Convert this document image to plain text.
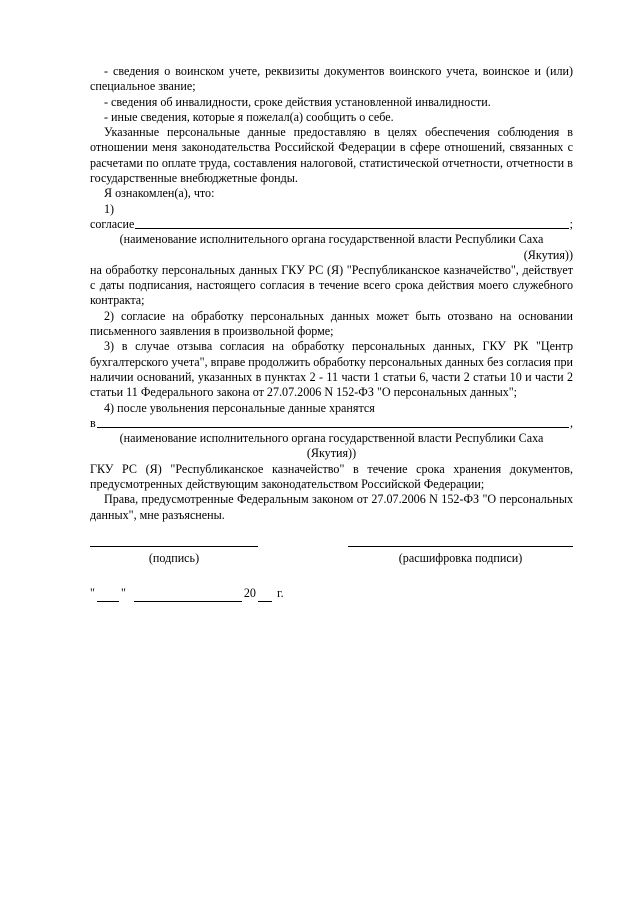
- сведения о воинском учете, реквизиты документов воинского учета, воинское и (или) специальное звание;

- сведения об инвалидности, сроке действия установленной инвалидности.

- иные сведения, которые я пожелал(а) сообщить о себе.

Указанные персональные данные предоставляю в целях обеспечения соблюдения в отношении меня законодательства Российской Федерации в сфере отношений, связанных с расчетами по оплате труда, составления налоговой, статистической отчетности, отчетности в государственные внебюджетные фонды.

Я ознакомлен(а), что:

1)

согласие	;
(наименование исполнительного органа государственной власти Республики Саха
(Якутия))

на обработку персональных данных ГКУ РС (Я) "Республиканское казначейство", действует с даты подписания, настоящего согласия в течение всего срока действия моего служебного контракта;

2) согласие на обработку персональных данных может быть отозвано на основании письменного заявления в произвольной форме;

3) в случае отзыва согласия на обработку персональных данных, ГКУ РК "Центр бухгалтерского учета", вправе продолжить обработку персональных данных без согласия при наличии оснований, указанных в пунктах 2 - 11 части 1 статьи 6, части 2 статьи 10 и части 2 статьи 11 Федерального закона от 27.07.2006 N 152-ФЗ "О персональных данных";

4) после увольнения персональные данные хранятся

в	,
(наименование исполнительного органа государственной власти Республики Саха
(Якутия))

ГКУ РС (Я) "Республиканское казначейство" в течение срока хранения документов, предусмотренных действующим законодательством Российской Федерации;

Права, предусмотренные Федеральным законом от 27.07.2006 N 152-ФЗ "О персональных данных", мне разъяснены.

(подпись)	(расшифровка подписи)
" "	20 г.
